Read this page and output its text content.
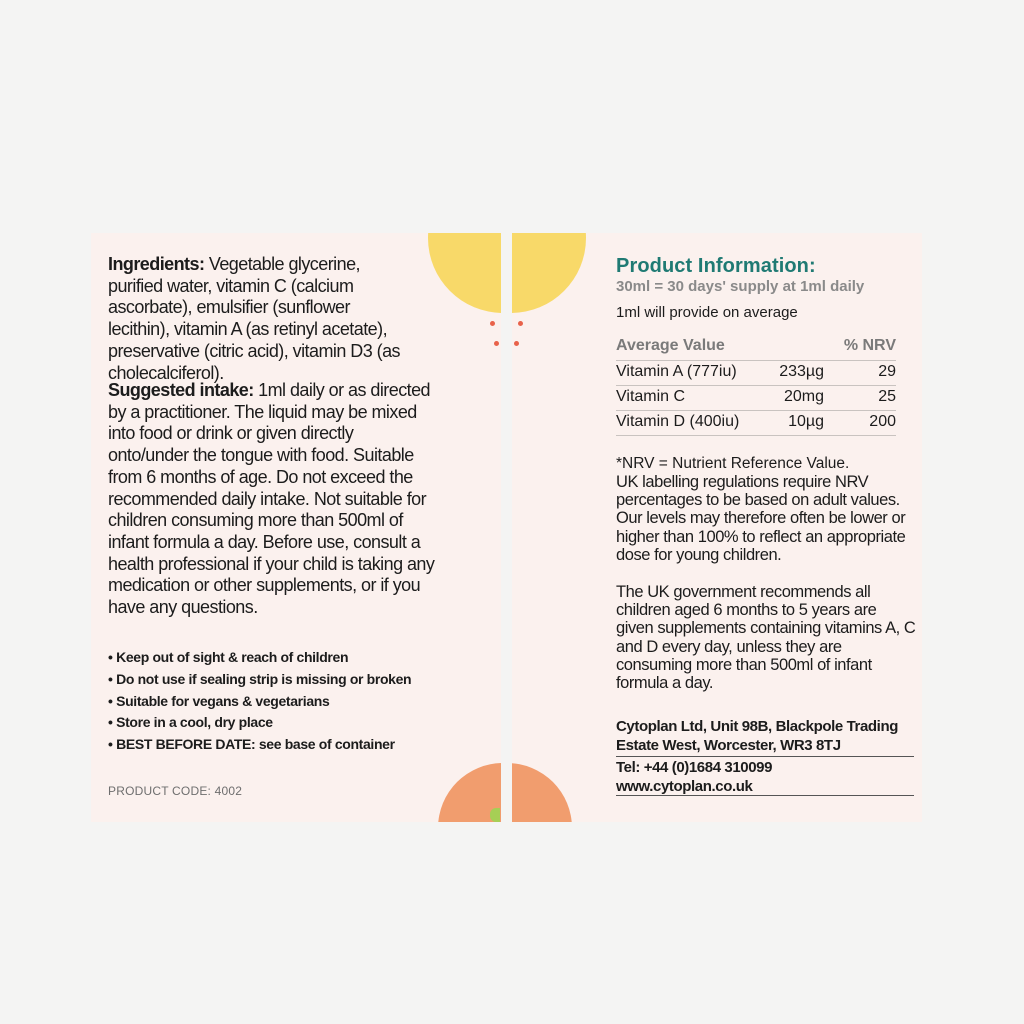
Ingredients: Vegetable glycerine, purified water, vitamin C (calcium ascorbate), emulsifier (sunflower lecithin), vitamin A (as retinyl acetate), preservative (citric acid), vitamin D3 (as cholecalciferol).
Suggested intake: 1ml daily or as directed by a practitioner. The liquid may be mixed into food or drink or given directly onto/under the tongue with food. Suitable from 6 months of age. Do not exceed the recommended daily intake. Not suitable for children consuming more than 500ml of infant formula a day. Before use, consult a health professional if your child is taking any medication or other supplements, or if you have any questions.
• Keep out of sight & reach of children
• Do not use if sealing strip is missing or broken
• Suitable for vegans & vegetarians
• Store in a cool, dry place
• BEST BEFORE DATE: see base of container
PRODUCT CODE: 4002
Product Information:
30ml = 30 days' supply at 1ml daily
1ml will provide on average
Average Value		% NRV
Vitamin A (777iu)	233µg	29
Vitamin C	20mg	25
Vitamin D (400iu)	10µg	200

*NRV = Nutrient Reference Value.

UK labelling regulations require NRV percentages to be based on adult values. Our levels may therefore often be lower or higher than 100% to reflect an appropriate dose for young children.

The UK government recommends all children aged 6 months to 5 years are given supplements containing vitamins A, C and D every day, unless they are consuming more than 500ml of infant formula a day.
Cytoplan Ltd, Unit 98B, Blackpole Trading
Estate West, Worcester, WR3 8TJ
Tel: +44 (0)1684 310099
www.cytoplan.co.uk
